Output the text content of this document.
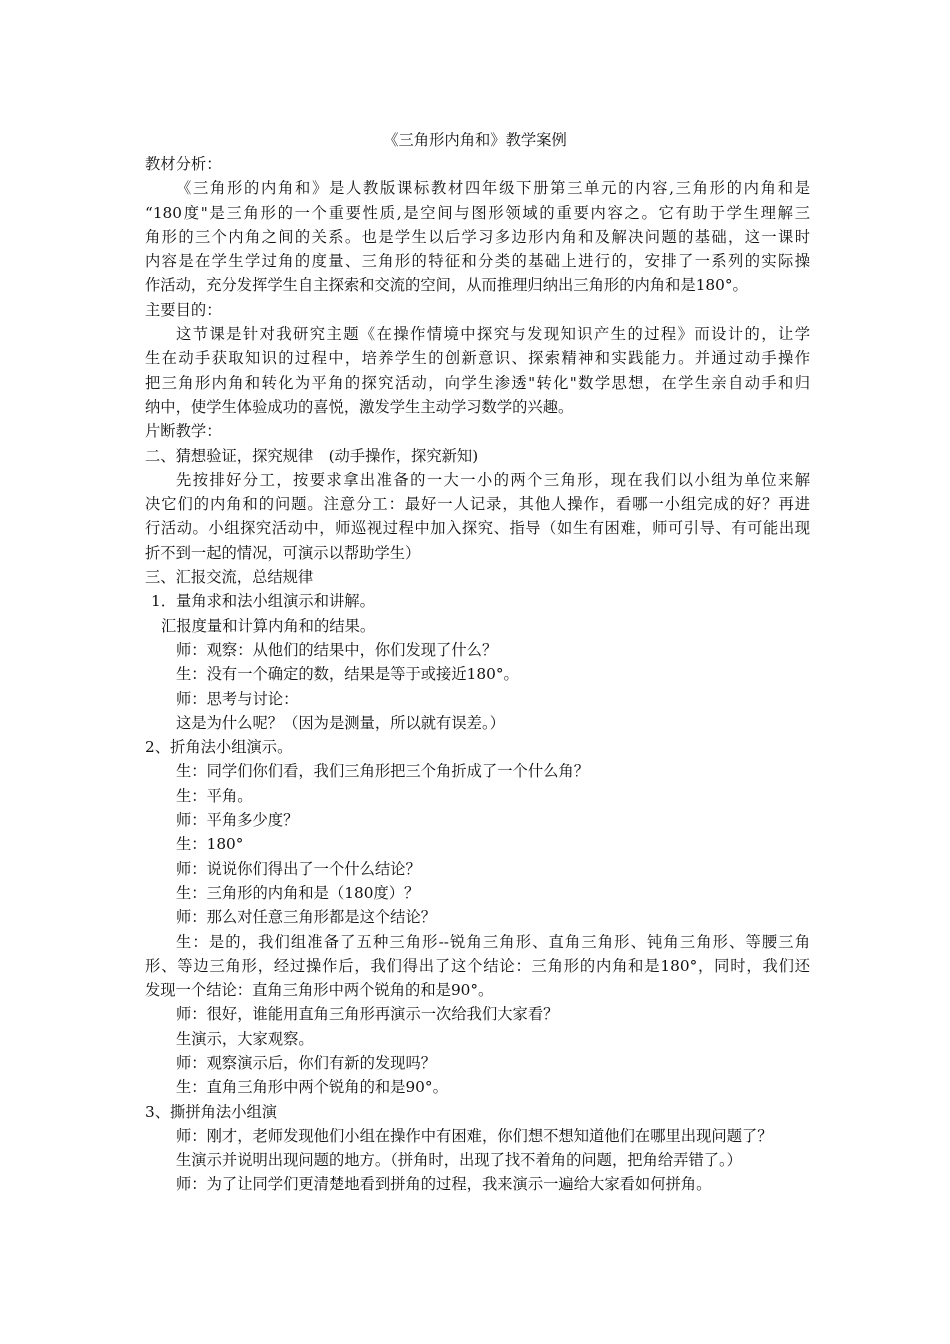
《三角形内角和》教学案例
教材分析：
《三角形的内角和》是人教版课标教材四年级下册第三单元的内容,三角形的内角和是
“180度"是三角形的一个重要性质,是空间与图形领域的重要内容之。它有助于学生理解三
角形的三个内角之间的关系。也是学生以后学习多边形内角和及解决问题的基础，这一课时
内容是在学生学过角的度量、三角形的特征和分类的基础上进行的，安排了一系列的实际操
作活动，充分发挥学生自主探索和交流的空间，从而推理归纳出三角形的内角和是180°。
主要目的：
这节课是针对我研究主题《在操作情境中探究与发现知识产生的过程》而设计的，让学
生在动手获取知识的过程中，培养学生的创新意识、探索精神和实践能力。并通过动手操作
把三角形内角和转化为平角的探究活动，向学生渗透"转化"数学思想，在学生亲自动手和归
纳中，使学生体验成功的喜悦，激发学生主动学习数学的兴趣。
片断教学：
二、猜想验证，探究规律　(动手操作，探究新知)
先按排好分工，按要求拿出准备的一大一小的两个三角形，现在我们以小组为单位来解
决它们的内角和的问题。注意分工：最好一人记录，其他人操作，看哪一小组完成的好？再进
行活动。小组探究活动中，师巡视过程中加入探究、指导（如生有困难，师可引导、有可能出现
折不到一起的情况，可演示以帮助学生）
三、汇报交流，总结规律
1．量角求和法小组演示和讲解。
汇报度量和计算内角和的结果。
师：观察：从他们的结果中，你们发现了什么？
生：没有一个确定的数，结果是等于或接近180°。
师：思考与讨论：
这是为什么呢？（因为是测量，所以就有误差。）
2、折角法小组演示。
生：同学们你们看，我们三角形把三个角折成了一个什么角？
生：平角。
师：平角多少度？
生：180°
师：说说你们得出了一个什么结论？
生：三角形的内角和是（180度）？
师：那么对任意三角形都是这个结论？
生：是的，我们组准备了五种三角形--锐角三角形、直角三角形、钝角三角形、等腰三角
形、等边三角形，经过操作后，我们得出了这个结论：三角形的内角和是180°，同时，我们还
发现一个结论：直角三角形中两个锐角的和是90°。
师：很好，谁能用直角三角形再演示一次给我们大家看？
生演示，大家观察。
师：观察演示后，你们有新的发现吗？
生：直角三角形中两个锐角的和是90°。
3、撕拼角法小组演
师：刚才，老师发现他们小组在操作中有困难，你们想不想知道他们在哪里出现问题了？
生演示并说明出现问题的地方。（拼角时，出现了找不着角的问题，把角给弄错了。）
师：为了让同学们更清楚地看到拼角的过程，我来演示一遍给大家看如何拼角。
